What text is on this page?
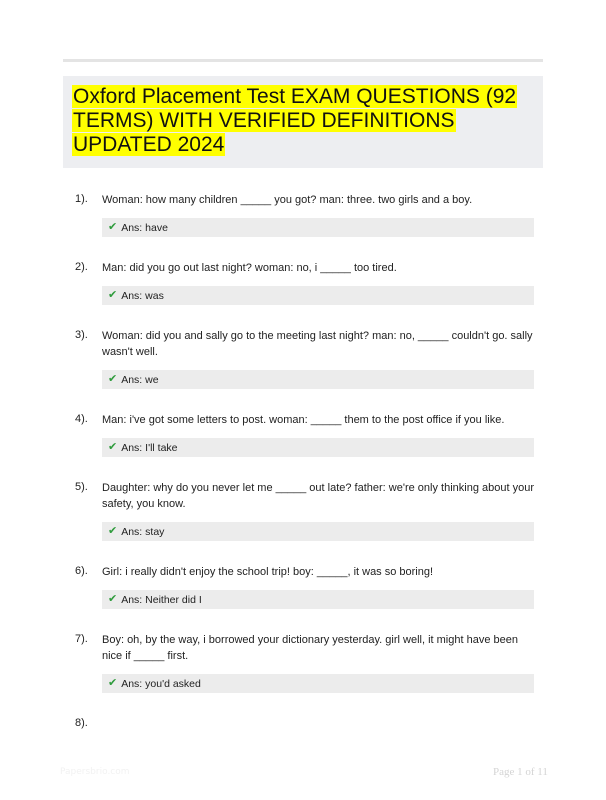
Oxford Placement Test EXAM QUESTIONS (92 TERMS) WITH VERIFIED DEFINITIONS UPDATED 2024
1). Woman: how many children _____ you got? man: three. two girls and a boy.
✔ Ans: have
2). Man: did you go out last night? woman: no, i _____ too tired.
✔ Ans: was
3). Woman: did you and sally go to the meeting last night? man: no, _____ couldn't go. sally wasn't well.
✔ Ans: we
4). Man: i've got some letters to post. woman: _____ them to the post office if you like.
✔ Ans: I'll take
5). Daughter: why do you never let me _____ out late? father: we're only thinking about your safety, you know.
✔ Ans: stay
6). Girl: i really didn't enjoy the school trip! boy: _____, it was so boring!
✔ Ans: Neither did I
7). Boy: oh, by the way, i borrowed your dictionary yesterday. girl well, it might have been nice if _____ first.
✔ Ans: you'd asked
8).
Papersbrio.com	Page 1 of 11
